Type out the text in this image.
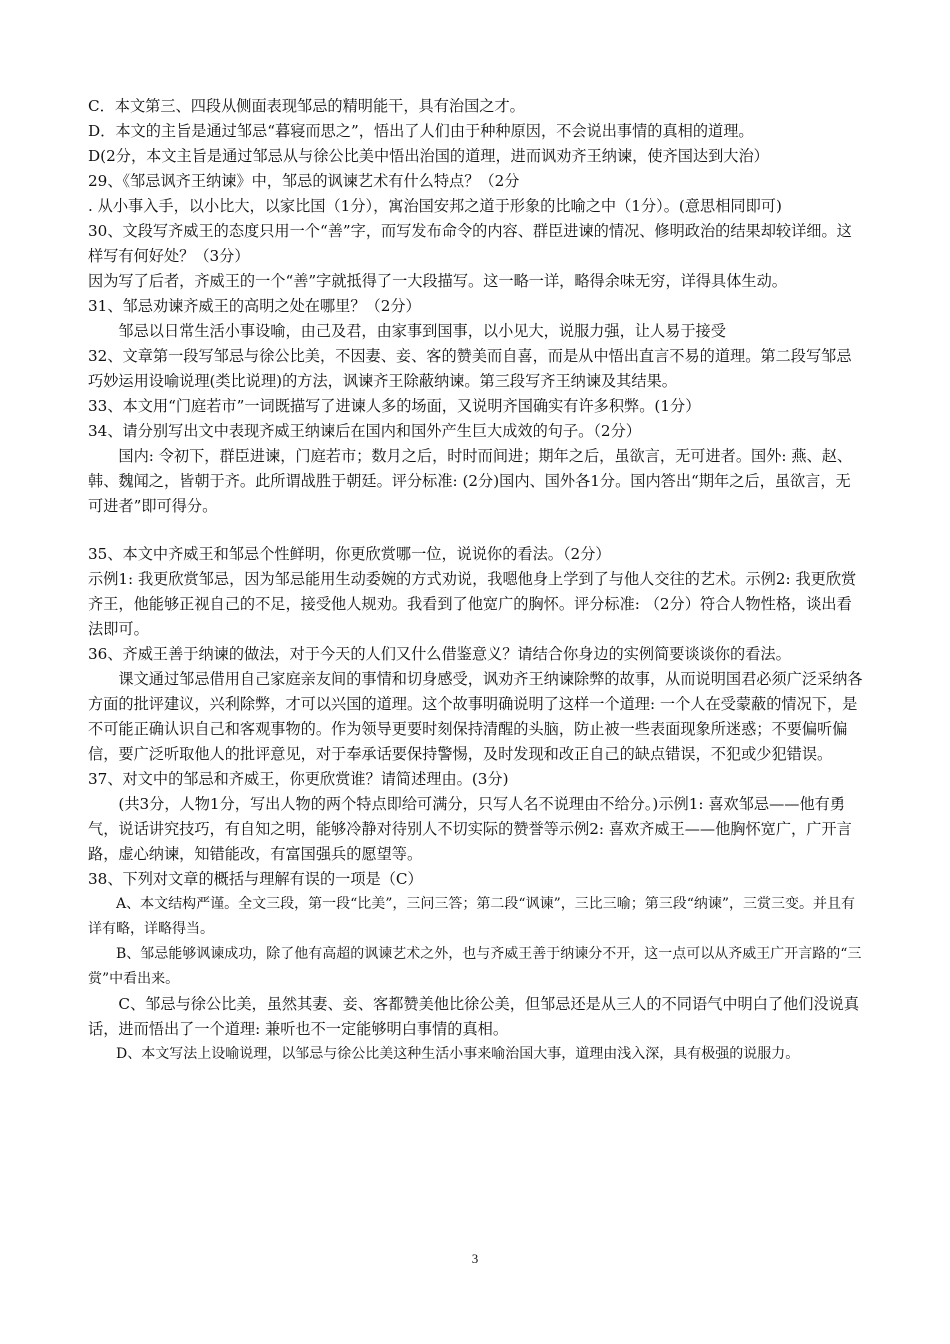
C．本文第三、四段从侧面表现邹忌的精明能干，具有治国之才。

D．本文的主旨是通过邹忌“暮寝而思之”，悟出了人们由于种种原因，不会说出事情的真相的道理。

D(2分，本文主旨是通过邹忌从与徐公比美中悟出治国的道理，进而讽劝齐王纳谏，使齐国达到大治）

29、《邹忌讽齐王纳谏》中，邹忌的讽谏艺术有什么特点？（2分

. 从小事入手，以小比大，以家比国（1分），寓治国安邦之道于形象的比喻之中（1分）。(意思相同即可)

30、文段写齐威王的态度只用一个“善”字，而写发布命令的内容、群臣进谏的情况、修明政治的结果却较详细。这样写有何好处？（3分）

因为写了后者，齐威王的一个“善”字就抵得了一大段描写。这一略一详，略得余味无穷，详得具体生动。

31、邹忌劝谏齐威王的高明之处在哪里？（2分）

邹忌以日常生活小事设喻，由己及君，由家事到国事，以小见大，说服力强，让人易于接受

32、文章第一段写邹忌与徐公比美，不因妻、妾、客的赞美而自喜，而是从中悟出直言不易的道理。第二段写邹忌巧妙运用设喻说理(类比说理)的方法，讽谏齐王除蔽纳谏。第三段写齐王纳谏及其结果。

33、本文用“门庭若市”一词既描写了进谏人多的场面，又说明齐国确实有许多积弊。(1分）

34、请分别写出文中表现齐威王纳谏后在国内和国外产生巨大成效的句子。（2分）

国内: 令初下，群臣进谏，门庭若市；数月之后，时时而间进；期年之后，虽欲言，无可进者。国外: 燕、赵、韩、魏闻之，皆朝于齐。此所谓战胜于朝廷。评分标准: (2分)国内、国外各1分。国内答出“期年之后，虽欲言，无可进者”即可得分。

35、本文中齐威王和邹忌个性鲜明，你更欣赏哪一位，说说你的看法。（2分）

示例1: 我更欣赏邹忌，因为邹忌能用生动委婉的方式劝说，我嗯他身上学到了与他人交往的艺术。示例2: 我更欣赏齐王，他能够正视自己的不足，接受他人规劝。我看到了他宽广的胸怀。评分标准: （2分）符合人物性格，谈出看法即可。

36、齐威王善于纳谏的做法，对于今天的人们又什么借鉴意义？请结合你身边的实例简要谈谈你的看法。

课文通过邹忌借用自己家庭亲友间的事情和切身感受，讽劝齐王纳谏除弊的故事，从而说明国君必须广泛采纳各方面的批评建议，兴利除弊，才可以兴国的道理。这个故事明确说明了这样一个道理: 一个人在受蒙蔽的情况下，是不可能正确认识自己和客观事物的。作为领导更要时刻保持清醒的头脑，防止被一些表面现象所迷惑；不要偏听偏信，要广泛听取他人的批评意见，对于奉承话要保持警惕，及时发现和改正自己的缺点错误，不犯或少犯错误。

37、对文中的邹忌和齐威王，你更欣赏谁？请简述理由。(3分)

(共3分，人物1分，写出人物的两个特点即给可满分，只写人名不说理由不给分。)示例1: 喜欢邹忌——他有勇气，说话讲究技巧，有自知之明，能够冷静对待别人不切实际的赞誉等示例2: 喜欢齐威王——他胸怀宽广，广开言路，虚心纳谏，知错能改，有富国强兵的愿望等。

38、下列对文章的概括与理解有误的一项是（C）

A、本文结构严谨。全文三段，第一段“比美”，三问三答；第二段“讽谏”，三比三喻；第三段“纳谏”，三赏三变。并且有详有略，详略得当。

B、邹忌能够讽谏成功，除了他有高超的讽谏艺术之外，也与齐威王善于纳谏分不开，这一点可以从齐威王广开言路的“三赏”中看出来。

C、邹忌与徐公比美，虽然其妻、妾、客都赞美他比徐公美，但邹忌还是从三人的不同语气中明白了他们没说真话，进而悟出了一个道理: 兼听也不一定能够明白事情的真相。

D、本文写法上设喻说理，以邹忌与徐公比美这种生活小事来喻治国大事，道理由浅入深，具有极强的说服力。

3
